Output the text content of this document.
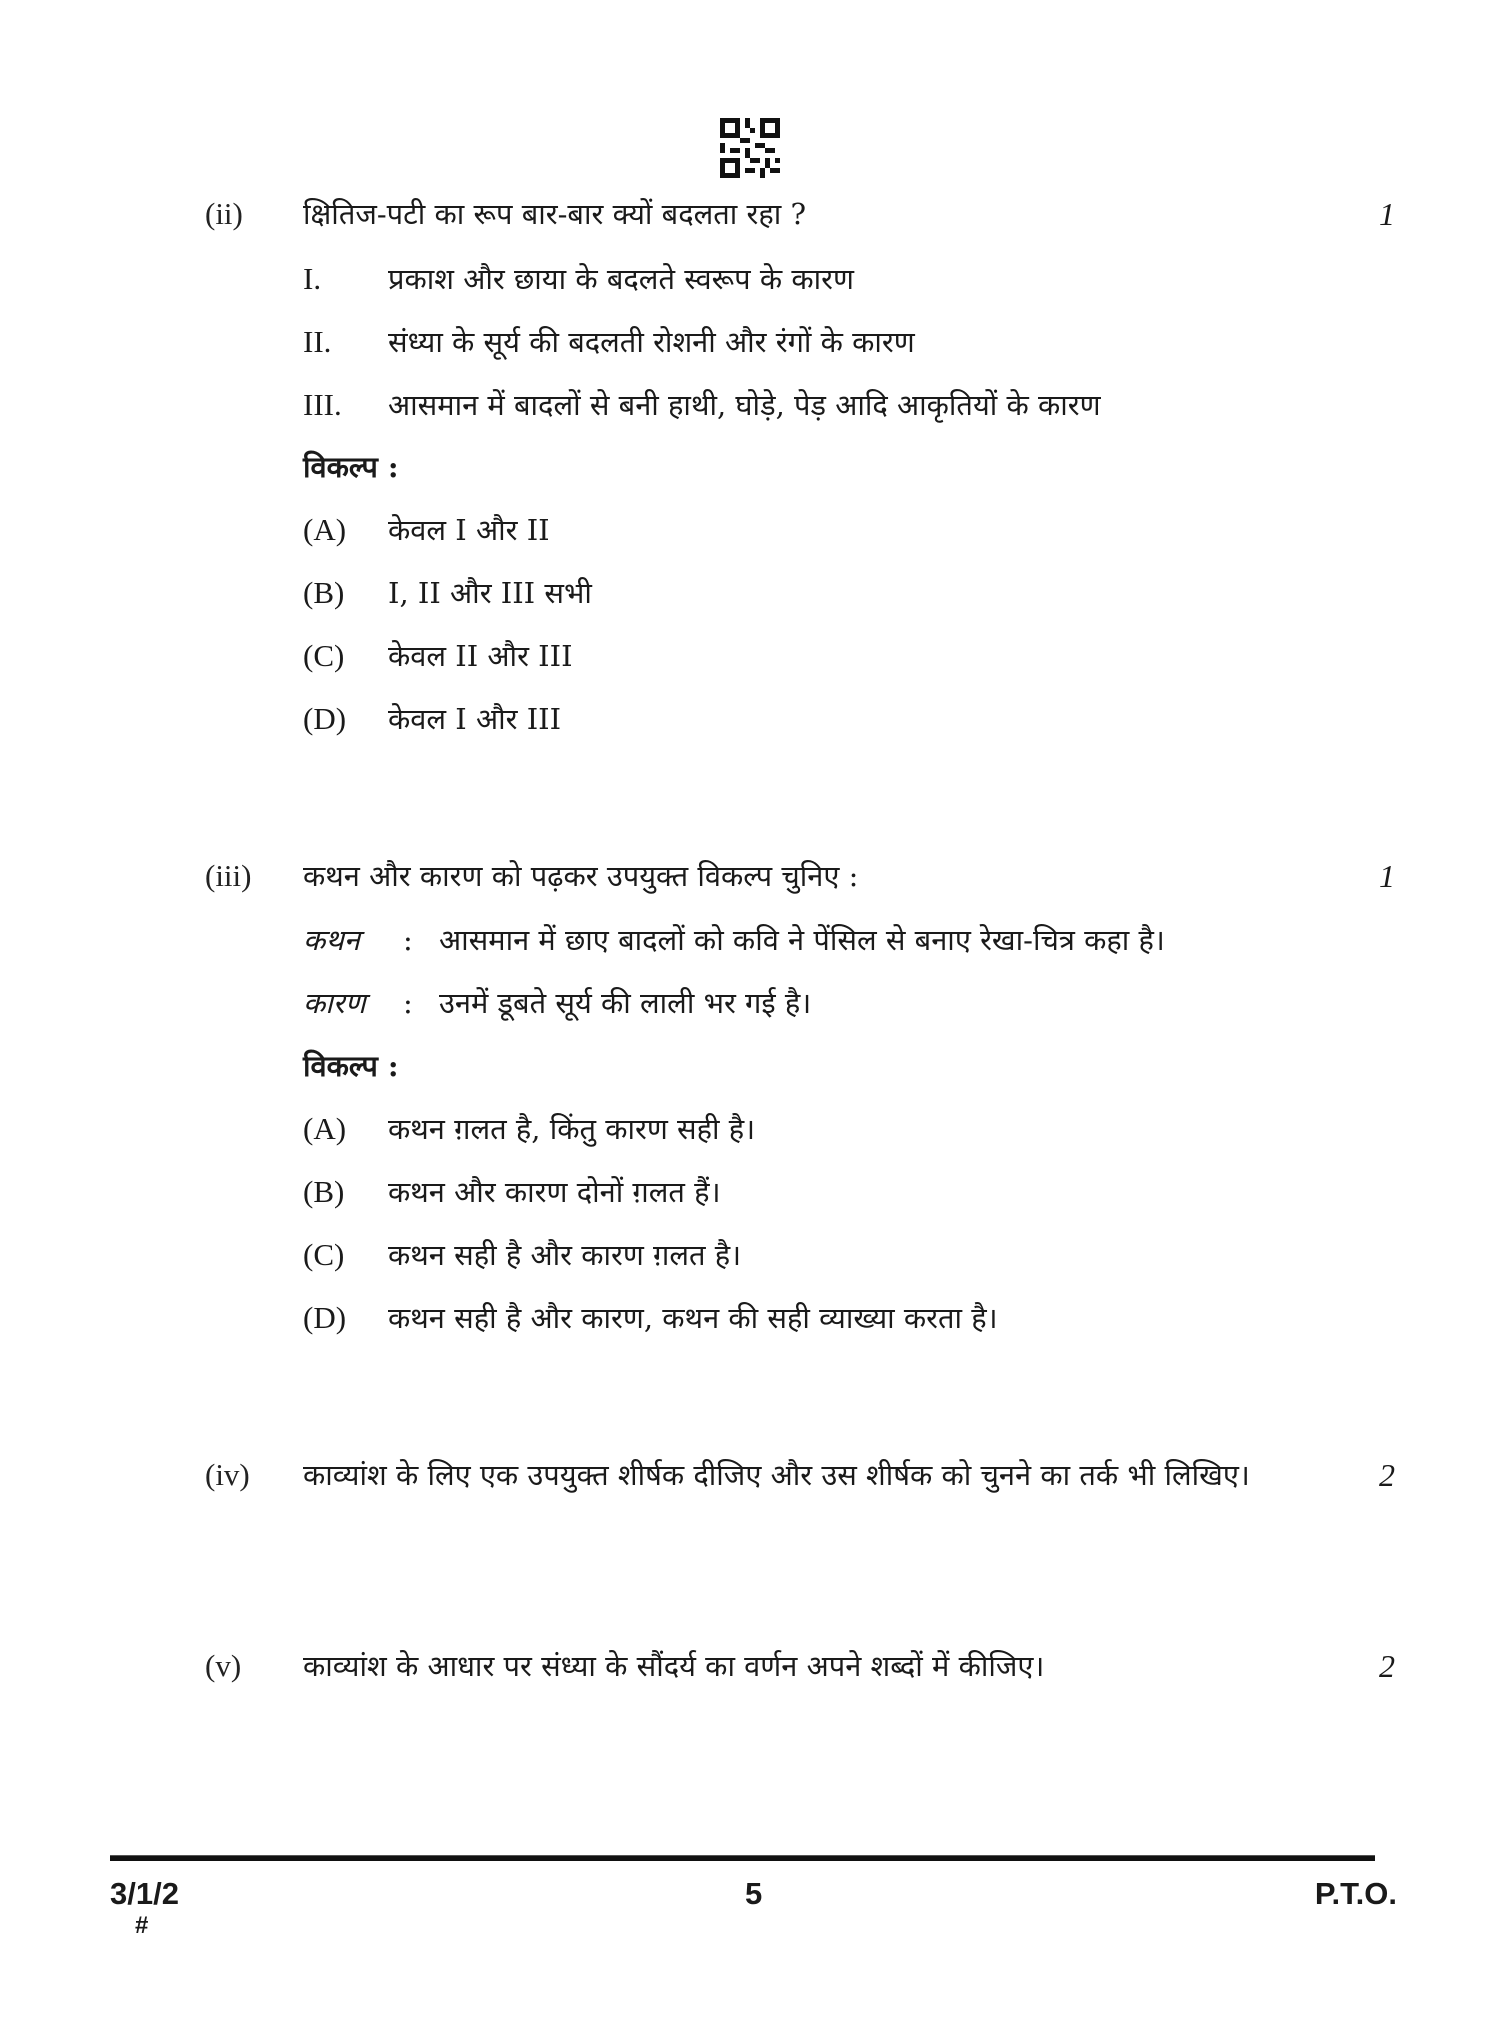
(ii)	क्षितिज-पटी का रूप बार-बार क्यों बदलता रहा ?	1
I. प्रकाश और छाया के बदलते स्वरूप के कारण
II. संध्या के सूर्य की बदलती रोशनी और रंगों के कारण
III. आसमान में बादलों से बनी हाथी, घोड़े, पेड़ आदि आकृतियों के कारण
विकल्प :
(A) केवल I और II
(B) I, II और III सभी
(C) केवल II और III
(D) केवल I और III
(iii)	कथन और कारण को पढ़कर उपयुक्त विकल्प चुनिए :	1
कथन : आसमान में छाए बादलों को कवि ने पेंसिल से बनाए रेखा-चित्र कहा है।
कारण : उनमें डूबते सूर्य की लाली भर गई है।
विकल्प :
(A) कथन ग़लत है, किंतु कारण सही है।
(B) कथन और कारण दोनों ग़लत हैं।
(C) कथन सही है और कारण ग़लत है।
(D) कथन सही है और कारण, कथन की सही व्याख्या करता है।
(iv)	काव्यांश के लिए एक उपयुक्त शीर्षक दीजिए और उस शीर्षक को चुनने का तर्क भी लिखिए।	2
(v)	काव्यांश के आधार पर संध्या के सौंदर्य का वर्णन अपने शब्दों में कीजिए।	2
3/1/2	5	P.T.O.
#
